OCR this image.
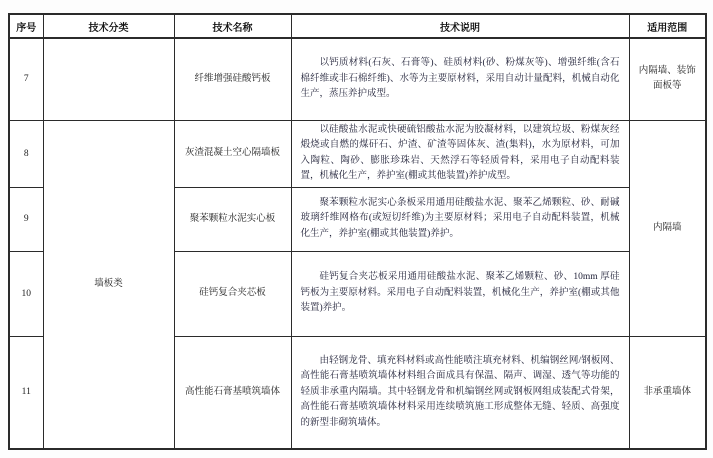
序号	技术分类	技术名称	技术说明	适用范围
7		纤维增强硅酸钙板	以钙质材料(石灰、石膏等)、硅质材料(砂、粉煤灰等)、增强纤维(含石棉纤维或非石棉纤维)、水等为主要原材料，采用自动计量配料，机械自动化生产，蒸压养护成型。	内隔墙、装饰面板等
8	墙板类	灰渣混凝土空心隔墙板	以硅酸盐水泥或快硬硫铝酸盐水泥为胶凝材料，以建筑垃圾、粉煤灰经煅烧或自燃的煤矸石、炉渣、矿渣等固体灰、渣(集料)，水为原材料，可加入陶粒、陶砂、膨胀珍珠岩、天然浮石等轻质骨料，采用电子自动配料装置，机械化生产，养护室(棚或其他装置)养护成型。	内隔墙
9		聚苯颗粒水泥实心板	聚苯颗粒水泥实心条板采用通用硅酸盐水泥、聚苯乙烯颗粒、砂、耐碱玻璃纤维网格布(或短切纤维)为主要原材料；采用电子自动配料装置，机械化生产，养护室(棚或其他装置)养护。	

10		硅钙复合夹芯板	硅钙复合夹芯板采用通用硅酸盐水泥、聚苯乙烯颗粒、砂、10mm 厚硅钙板为主要原材料。采用电子自动配料装置，机械化生产，养护室(棚或其他装置)养护。	

11		高性能石膏基喷筑墙体	由轻钢龙骨、填充料材料或高性能喷注填充材料、机编钢丝网/钢板网、高性能石膏基喷筑墙体材料组合面成具有保温、隔声、调湿、透气等功能的轻质非承重内隔墙。其中轻钢龙骨和机编钢丝网或钢板网组成装配式骨架，高性能石膏基喷筑墙体材料采用连续喷筑施工形成整体无缝、轻质、高强度的新型非砌筑墙体。	非承重墙体
